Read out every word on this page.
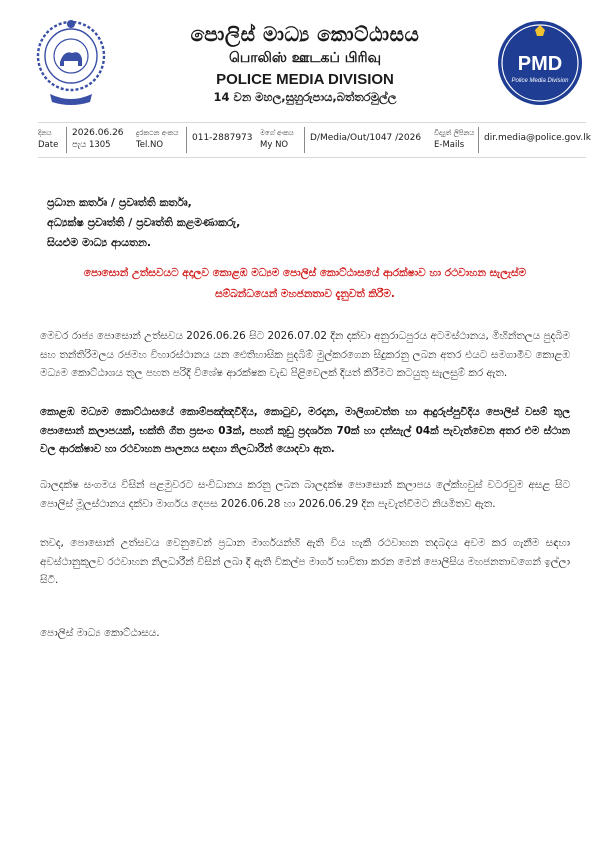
පොලිස් මාධ්‍ය කොට්ඨාසය
பொலிஸ் ஊடகப் பிரிவு
POLICE MEDIA DIVISION
14 වන මහල,සුහුරුපාය,බත්තරමුල්ල
PMD
Police Media Division
දිනය
Date
2026.06.26
පැය 1305
දුරකථන අංකය
Tel.NO
011-2887973 මගේ අංකය
My NO
D/Media/Out/1047 /2026 විද්‍යුත් ලිපිනය
E-Mails
dir.media@police.gov.lk
ප්‍රධාන කර්තෘ / ප්‍රවෘත්ති කර්තෘ,
අධ්‍යක්ෂ ප්‍රවෘත්ති / ප්‍රවෘත්ති කළමණාකරු,
සියළුම මාධ්‍ය ආයතන.
පොසොන් උත්සවයට අදාලව කොළඹ මධ්‍යම පොලිස් කොට්ඨාසයේ ආරක්ෂාව හා රථවාහන සැලැස්ම සම්බන්ධයෙන් මහජනතාව දැනුවත් කිරීම.
මෙවර රාජ්‍ය පොසොන් උත්සවය 2026.06.26 සිට 2026.07.02 දින දක්වා අනුරාධපුරය අටමස්ථානය, මිහින්තලය පුදබිම සහ තන්තිරිමලය රජමහ විහාරස්ථානය යන ඓතිහාසික පුදබිම් මුල්කරගෙන සිදුකරනු ලබන අතර එයට සමගාමීව කොළඹ මධ්‍යම කොට්ඨාශය තුල පහත පරිදි විශේෂ ආරක්ෂක වැඩ පිළිවෙලක් දියත් කිරීමට කටයුතු සැලසුම් කර ඇත.
කොළඹ මධ්‍යම කොට්ඨාසයේ කොම්පඤ්ඤවීදිය, කොටුව, මරදාන, මාලිගාවත්ත හා ආදුරුප්පුවීදිය පොලිස් වසම් තුල පොසොන් කලාපයක්, භක්ති ගීත ප්‍රසංග 03ක්, පහන් කුඩු ප්‍රදර්ශන 70ක් හා දන්සැල් 04ක් පැවැත්වෙන අතර එම ස්ථාන වල ආරක්ෂාව හා රථවාහන පාලනය සඳහා නිලධාරීන් යොදවා ඇත.
බාලදක්ෂ සංගමය විසින් පළමුවරට සංවිධානය කරනු ලබන බාලදක්ෂ පොසොන් කලාපය ලේක්හවුස් වටරවුම අසළ සිට පොලිස් මූලස්ථානය දක්වා මාර්ගය දෙපස 2026.06.28 හා 2026.06.29 දින පැවැත්වීමට නියමිතව ඇත.
තවද, පොසොන් උත්සවය වෙනුවෙන් ප්‍රධාන මාර්ගයන්හි ඇති විය හැකි රථවාහන තදබදය අවම කර ගැනීම සඳහා අවස්ථානුකූලව රථවාහන නිලධාරීන් විසින් ලබා දී ඇති විකල්ප මාර්ග භාවිතා කරන මෙන් පොලිසිය මහජනතාවගෙන් ඉල්ලා සිටී.
පොලිස් මාධ්‍ය කොට්ඨාසය.
